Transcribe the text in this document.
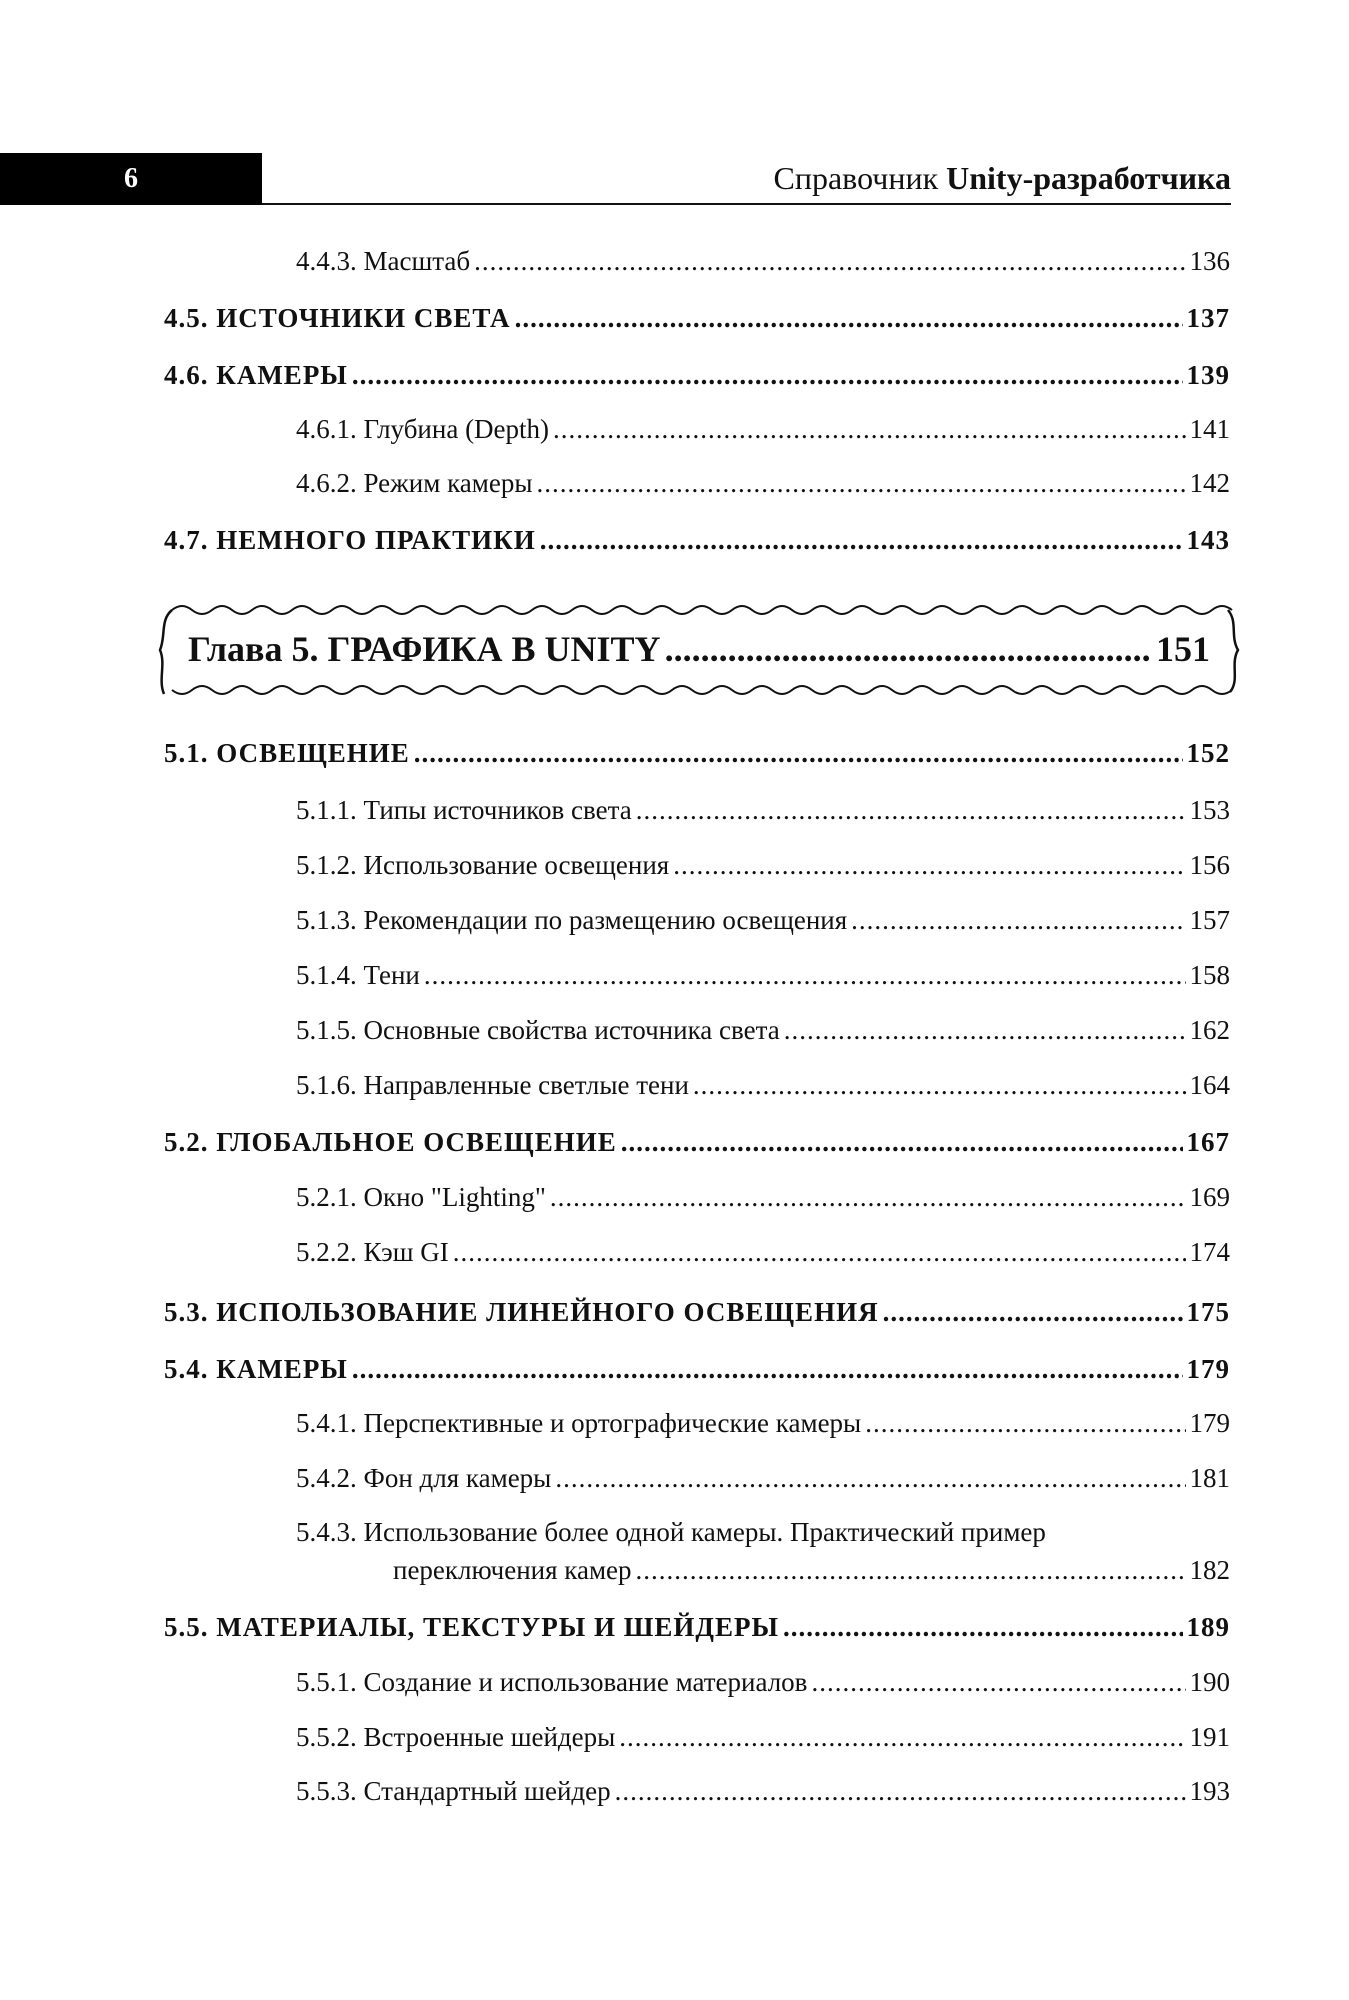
6	Справочник Unity-разработчика
4.4.3. Масштаб .....	136
4.5. ИСТОЧНИКИ СВЕТА .....	137
4.6. КАМЕРЫ .....	139
4.6.1. Глубина (Depth) .....	141
4.6.2. Режим камеры .....	142
4.7. НЕМНОГО ПРАКТИКИ .....	143
Глава 5. ГРАФИКА В UNITY .....	151
5.1. ОСВЕЩЕНИЕ .....	152
5.1.1. Типы источников света .....	153
5.1.2. Использование освещения .....	156
5.1.3. Рекомендации по размещению освещения .....	157
5.1.4. Тени .....	158
5.1.5. Основные свойства источника света .....	162
5.1.6. Направленные светлые тени .....	164
5.2. ГЛОБАЛЬНОЕ ОСВЕЩЕНИЕ .....	167
5.2.1. Окно "Lighting" .....	169
5.2.2. Кэш GI .....	174
5.3. ИСПОЛЬЗОВАНИЕ ЛИНЕЙНОГО ОСВЕЩЕНИЯ .....	175
5.4. КАМЕРЫ .....	179
5.4.1. Перспективные и ортографические камеры .....	179
5.4.2. Фон для камеры .....	181
5.4.3. Использование более одной камеры. Практический пример
переключения камер .....	182
5.5. МАТЕРИАЛЫ, ТЕКСТУРЫ И ШЕЙДЕРЫ .....	189
5.5.1. Создание и использование материалов .....	190
5.5.2. Встроенные шейдеры .....	191
5.5.3. Стандартный шейдер .....	193
